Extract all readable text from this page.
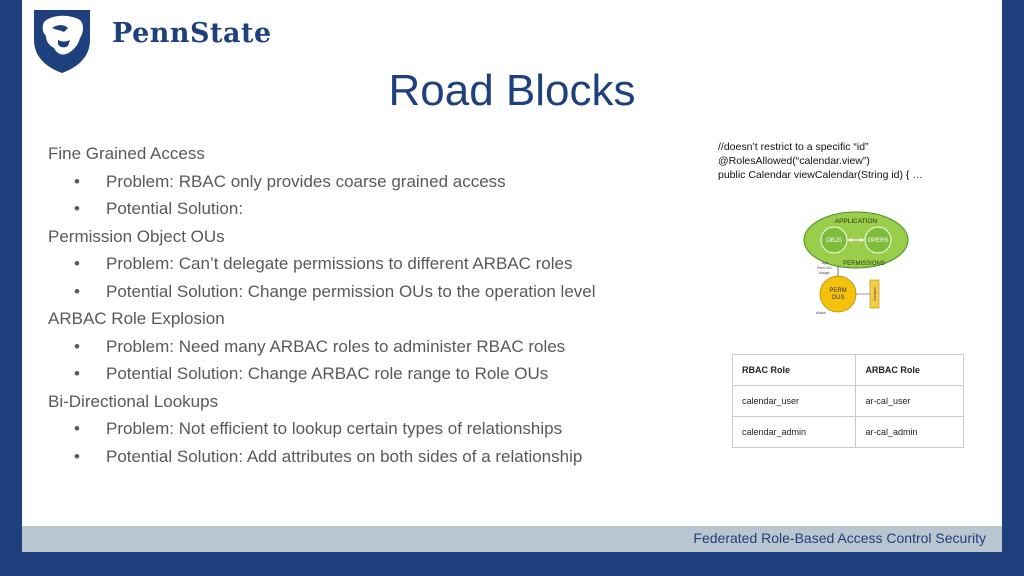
PennState
Road Blocks
Fine Grained Access
•	Problem: RBAC only provides coarse grained access
•	Potential Solution:
Permission Object OUs
•	Problem: Can’t delegate permissions to different ARBAC roles
•	Potential Solution: Change permission OUs to the operation level
ARBAC Role Explosion
•	Problem: Need many ARBAC roles to administer RBAC roles
•	Potential Solution: Change ARBAC role range to Role OUs
Bi-Directional Lookups
•	Problem: Not efficient to lookup certain types of relationships
•	Potential Solution: Add attributes on both sides of a relationship
//doesn’t restrict to a specific “id”
@RolesAllowed(“calendar.view”)
public Calendar viewCalendar(String id) { …
APPLICATION
OBJS	OPERS
PERMISSIONS
App
Perm-OU
Assign
PERM
OUS	Contains
Admin
RBAC Role	ARBAC Role
calendar_user	ar-cal_user
calendar_admin	ar-cal_admin
Federated Role-Based Access Control Security
